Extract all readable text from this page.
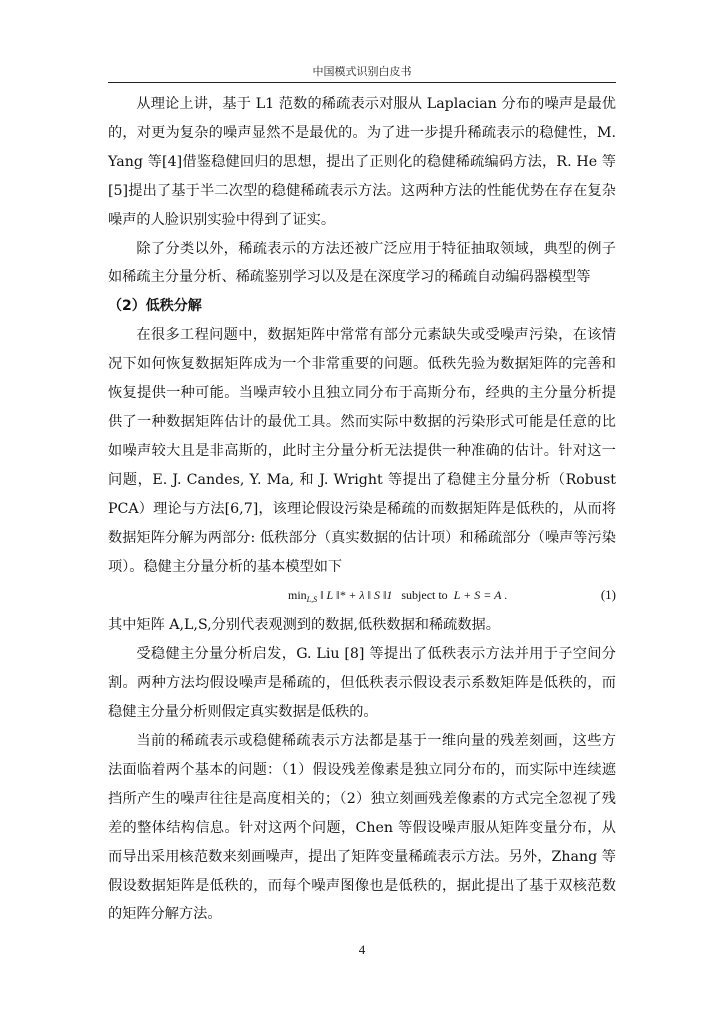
中国模式识别白皮书

从理论上讲，基于 L1 范数的稀疏表示对服从 Laplacian 分布的噪声是最优的，对更为复杂的噪声显然不是最优的。为了进一步提升稀疏表示的稳健性，M. Yang 等[4]借鉴稳健回归的思想，提出了正则化的稳健稀疏编码方法，R. He 等[5]提出了基于半二次型的稳健稀疏表示方法。这两种方法的性能优势在存在复杂噪声的人脸识别实验中得到了证实。

除了分类以外，稀疏表示的方法还被广泛应用于特征抽取领域，典型的例子如稀疏主分量分析、稀疏鉴别学习以及是在深度学习的稀疏自动编码器模型等

（2）低秩分解

在很多工程问题中，数据矩阵中常常有部分元素缺失或受噪声污染，在该情况下如何恢复数据矩阵成为一个非常重要的问题。低秩先验为数据矩阵的完善和恢复提供一种可能。当噪声较小且独立同分布于高斯分布，经典的主分量分析提供了一种数据矩阵估计的最优工具。然而实际中数据的污染形式可能是任意的比如噪声较大且是非高斯的，此时主分量分析无法提供一种准确的估计。针对这一问题，E. J. Candes, Y. Ma, 和 J. Wright 等提出了稳健主分量分析（Robust PCA）理论与方法[6,7]，该理论假设污染是稀疏的而数据矩阵是低秩的，从而将数据矩阵分解为两部分: 低秩部分（真实数据的估计项）和稀疏部分（噪声等污染项）。稳健主分量分析的基本模型如下

$\min_{L,S}$ ‖ L ‖* + λ ‖ S ‖1 subject to L + S = A .	(1)

其中矩阵 A,L,S,分别代表观测到的数据,低秩数据和稀疏数据。

受稳健主分量分析启发，G. Liu [8] 等提出了低秩表示方法并用于子空间分割。两种方法均假设噪声是稀疏的，但低秩表示假设表示系数矩阵是低秩的，而稳健主分量分析则假定真实数据是低秩的。

当前的稀疏表示或稳健稀疏表示方法都是基于一维向量的残差刻画，这些方法面临着两个基本的问题：（1）假设残差像素是独立同分布的，而实际中连续遮挡所产生的噪声往往是高度相关的；（2）独立刻画残差像素的方式完全忽视了残差的整体结构信息。针对这两个问题，Chen 等假设噪声服从矩阵变量分布，从而导出采用核范数来刻画噪声，提出了矩阵变量稀疏表示方法。另外，Zhang 等假设数据矩阵是低秩的，而每个噪声图像也是低秩的，据此提出了基于双核范数的矩阵分解方法。

4
